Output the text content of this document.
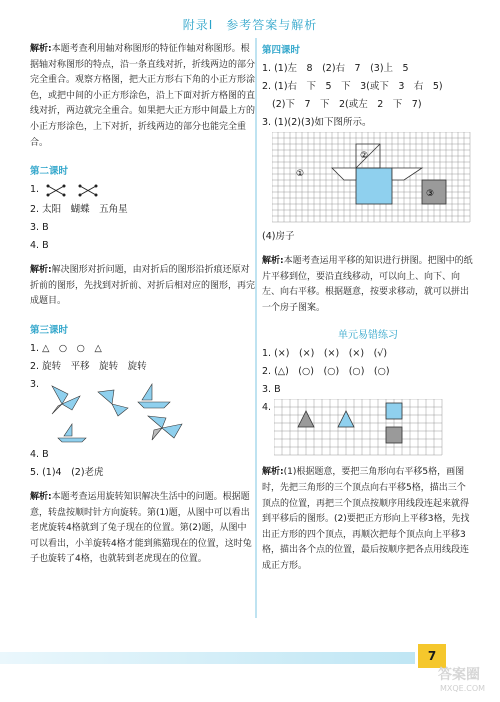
附录Ⅰ　参考答案与解析
解析:本题考查利用轴对称图形的特征作轴对称图形。根据轴对称图形的特点，沿一条直线对折，折线两边的部分完全重合。观察方格图，把大正方形右下角的小正方形涂色，或把中间的小正方形涂色，沿上下面对折方格图的直线对折，两边就完全重合。如果把大正方形中间最上方的小正方形涂色，上下对折，折线两边的部分也能完全重合。
第二课时
1.
2. 太阳　蝴蝶　五角星
3. B
4. B
解析:解决图形对折问题，由对折后的图形沿折痕还原对折前的图形，先找到对折前、对折后相对应的图形，再完成题目。
第三课时
1. △　○　○　△
2. 旋转　平移　旋转　旋转
3.
4. B
5. (1)4　(2)老虎
解析:本题考查运用旋转知识解决生活中的问题。根据题意，转盘按顺时针方向旋转。第(1)题，从图中可以看出老虎旋转4格就到了兔子现在的位置。第(2)题，从图中可以看出，小羊旋转4格才能到熊猫现在的位置，这时兔子也旋转了4格，也就转到老虎现在的位置。
第四课时
1. (1)左　8　(2)右　7　(3)上　5
2. (1)右　下　5　下　3(或下　3　右　5)
(2)下　7　下　2(或左　2　下　7)
3. (1)(2)(3)如下图所示。
②
①
③
(4)房子
解析:本题考查运用平移的知识进行拼图。把图中的纸片平移到位，要沿直线移动，可以向上、向下、向左、向右平移。根据题意，按要求移动，就可以拼出一个房子图案。
单元易错练习
1. (×)　(×)　(×)　(×)　(√)
2. (△)　(○)　(○)　(○)　(○)
3. B
4.
解析:(1)根据题意，要把三角形向右平移5格，画图时，先把三角形的三个顶点向右平移5格，描出三个顶点的位置，再把三个顶点按顺序用线段连起来就得到平移后的图形。(2)要把正方形向上平移3格，先找出正方形的四个顶点，再顺次把每个顶点向上平移3格，描出各个点的位置，最后按顺序把各点用线段连成正方形。
7
答案圈
MXQE.COM
